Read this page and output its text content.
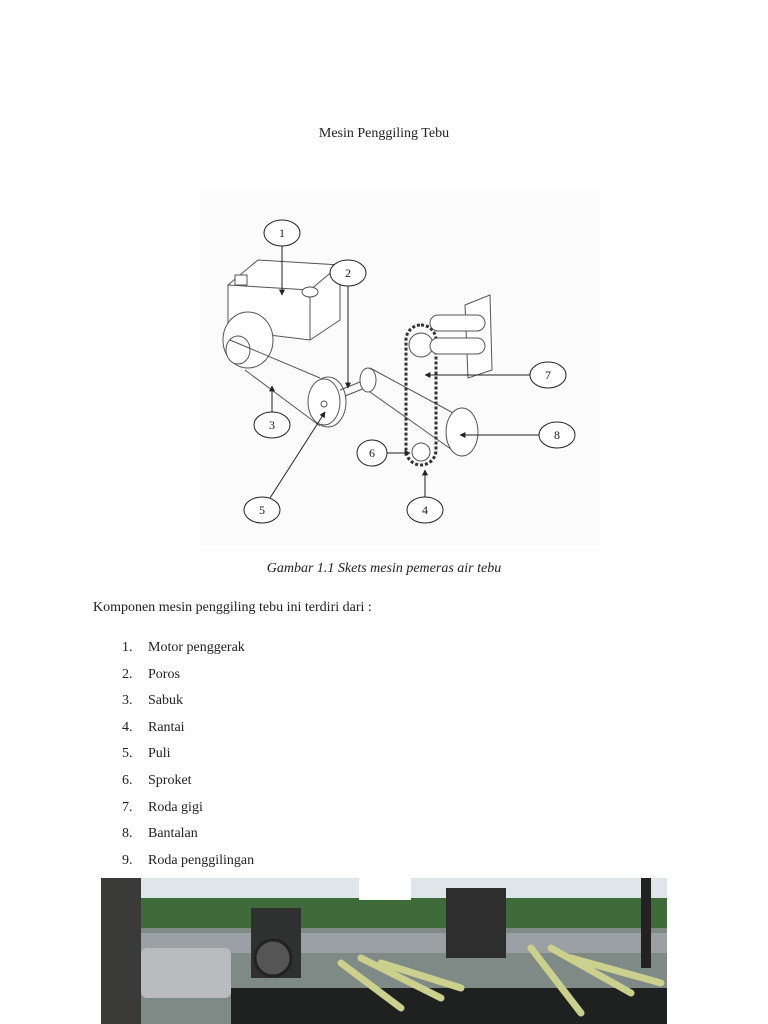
Mesin Penggiling Tebu
1
2
3
4
5
6
7
8
Gambar 1.1 Skets mesin pemeras air tebu
Komponen mesin penggiling tebu ini terdiri dari :
1.	Motor penggerak
2.	Poros
3.	Sabuk
4.	Rantai
5.	Puli
6.	Sproket
7.	Roda gigi
8.	Bantalan
9.	Roda penggilingan
